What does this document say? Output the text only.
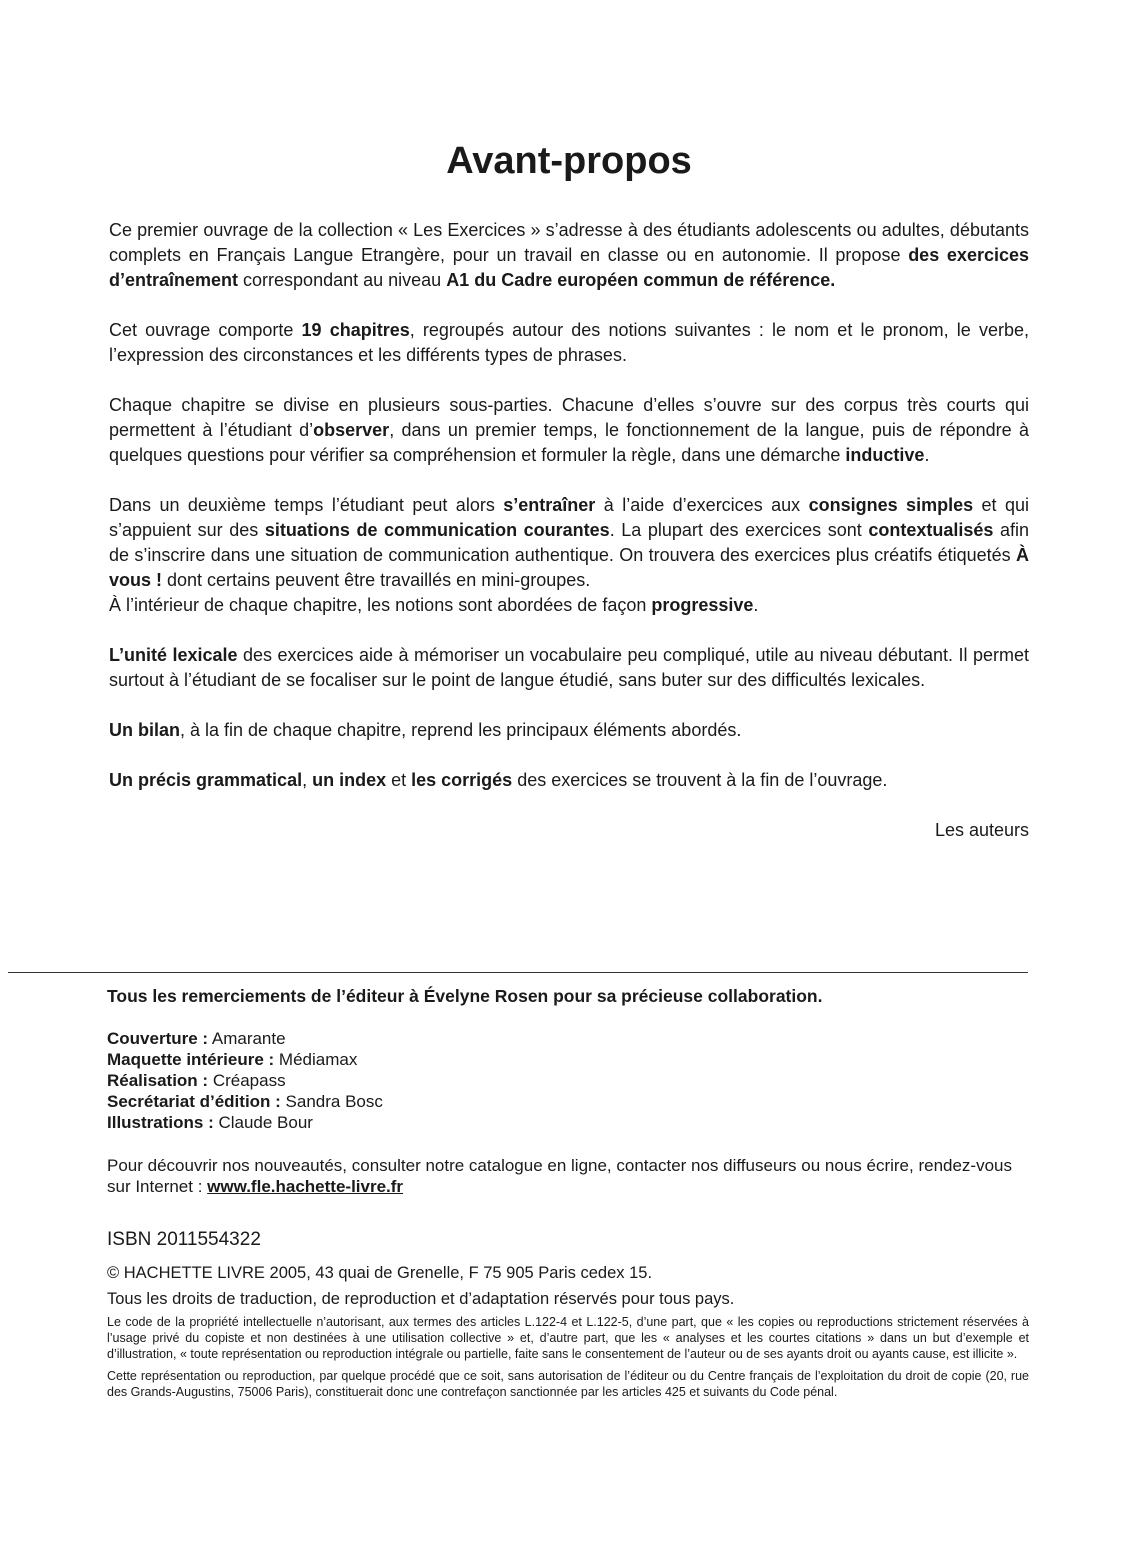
Avant-propos

Ce premier ouvrage de la collection « Les Exercices » s’adresse à des étudiants adolescents ou adultes, débutants complets en Français Langue Etrangère, pour un travail en classe ou en autonomie. Il propose des exercices d’entraînement correspondant au niveau A1 du Cadre européen commun de référence.

Cet ouvrage comporte 19 chapitres, regroupés autour des notions suivantes : le nom et le pronom, le verbe, l’expression des circonstances et les différents types de phrases.

Chaque chapitre se divise en plusieurs sous-parties. Chacune d’elles s’ouvre sur des corpus très courts qui permettent à l’étudiant d’observer, dans un premier temps, le fonctionnement de la langue, puis de répondre à quelques questions pour vérifier sa compréhension et formuler la règle, dans une démarche inductive.

Dans un deuxième temps l’étudiant peut alors s’entraîner à l’aide d’exercices aux consignes simples et qui s’appuient sur des situations de communication courantes. La plupart des exercices sont contextualisés afin de s’inscrire dans une situation de communication authentique. On trouvera des exercices plus créatifs étiquetés À vous ! dont certains peuvent être travaillés en mini-groupes.

À l’intérieur de chaque chapitre, les notions sont abordées de façon progressive.

L’unité lexicale des exercices aide à mémoriser un vocabulaire peu compliqué, utile au niveau débutant. Il permet surtout à l’étudiant de se focaliser sur le point de langue étudié, sans buter sur des difficultés lexicales.

Un bilan, à la fin de chaque chapitre, reprend les principaux éléments abordés.

Un précis grammatical, un index et les corrigés des exercices se trouvent à la fin de l’ouvrage.

Les auteurs

Tous les remerciements de l’éditeur à Évelyne Rosen pour sa précieuse collaboration.
Couverture : Amarante
Maquette intérieure : Médiamax
Réalisation : Créapass
Secrétariat d’édition : Sandra Bosc
Illustrations : Claude Bour
Pour découvrir nos nouveautés, consulter notre catalogue en ligne, contacter nos diffuseurs ou nous écrire, rendez-vous sur Internet : www.fle.hachette-livre.fr
ISBN 2011554322
© HACHETTE LIVRE 2005, 43 quai de Grenelle, F 75 905 Paris cedex 15.
Tous les droits de traduction, de reproduction et d’adaptation réservés pour tous pays.

Le code de la propriété intellectuelle n’autorisant, aux termes des articles L.122-4 et L.122-5, d’une part, que « les copies ou reproductions strictement réservées à l’usage privé du copiste et non destinées à une utilisation collective » et, d’autre part, que les « analyses et les courtes citations » dans un but d’exemple et d’illustration, « toute représentation ou reproduction intégrale ou partielle, faite sans le consentement de l’auteur ou de ses ayants droit ou ayants cause, est illicite ».

Cette représentation ou reproduction, par quelque procédé que ce soit, sans autorisation de l’éditeur ou du Centre français de l’exploitation du droit de copie (20, rue des Grands-Augustins, 75006 Paris), constituerait donc une contrefaçon sanctionnée par les articles 425 et suivants du Code pénal.
